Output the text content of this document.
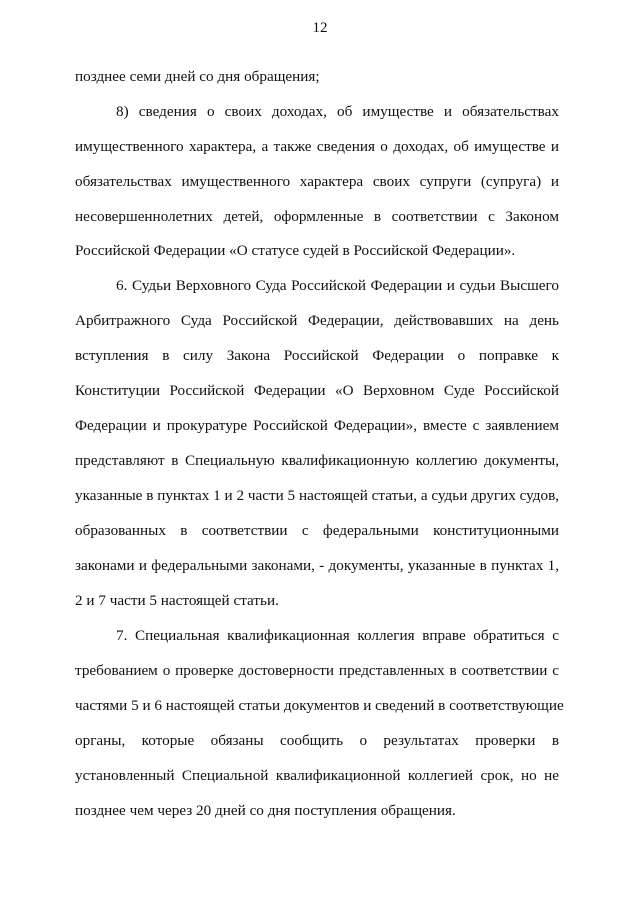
12
позднее семи дней со дня обращения;
8) сведения о своих доходах, об имуществе и обязательствах
имущественного характера, а также сведения о доходах, об имуществе и
обязательствах имущественного характера своих супруги (супруга) и
несовершеннолетних детей, оформленные в соответствии с Законом
Российской Федерации «О статусе судей в Российской Федерации».
6. Судьи Верховного Суда Российской Федерации и судьи Высшего
Арбитражного Суда Российской Федерации, действовавших на день
вступления в силу Закона Российской Федерации о поправке к
Конституции Российской Федерации «О Верховном Суде Российской
Федерации и прокуратуре Российской Федерации», вместе с заявлением
представляют в Специальную квалификационную коллегию документы,
указанные в пунктах 1 и 2 части 5 настоящей статьи, а судьи других судов,
образованных в соответствии с федеральными конституционными
законами и федеральными законами, - документы, указанные в пунктах 1,
2 и 7 части 5 настоящей статьи.
7. Специальная квалификационная коллегия вправе обратиться с
требованием о проверке достоверности представленных в соответствии с
частями 5 и 6 настоящей статьи документов и сведений в соответствующие
органы, которые обязаны сообщить о результатах проверки в
установленный Специальной квалификационной коллегией срок, но не
позднее чем через 20 дней со дня поступления обращения.
